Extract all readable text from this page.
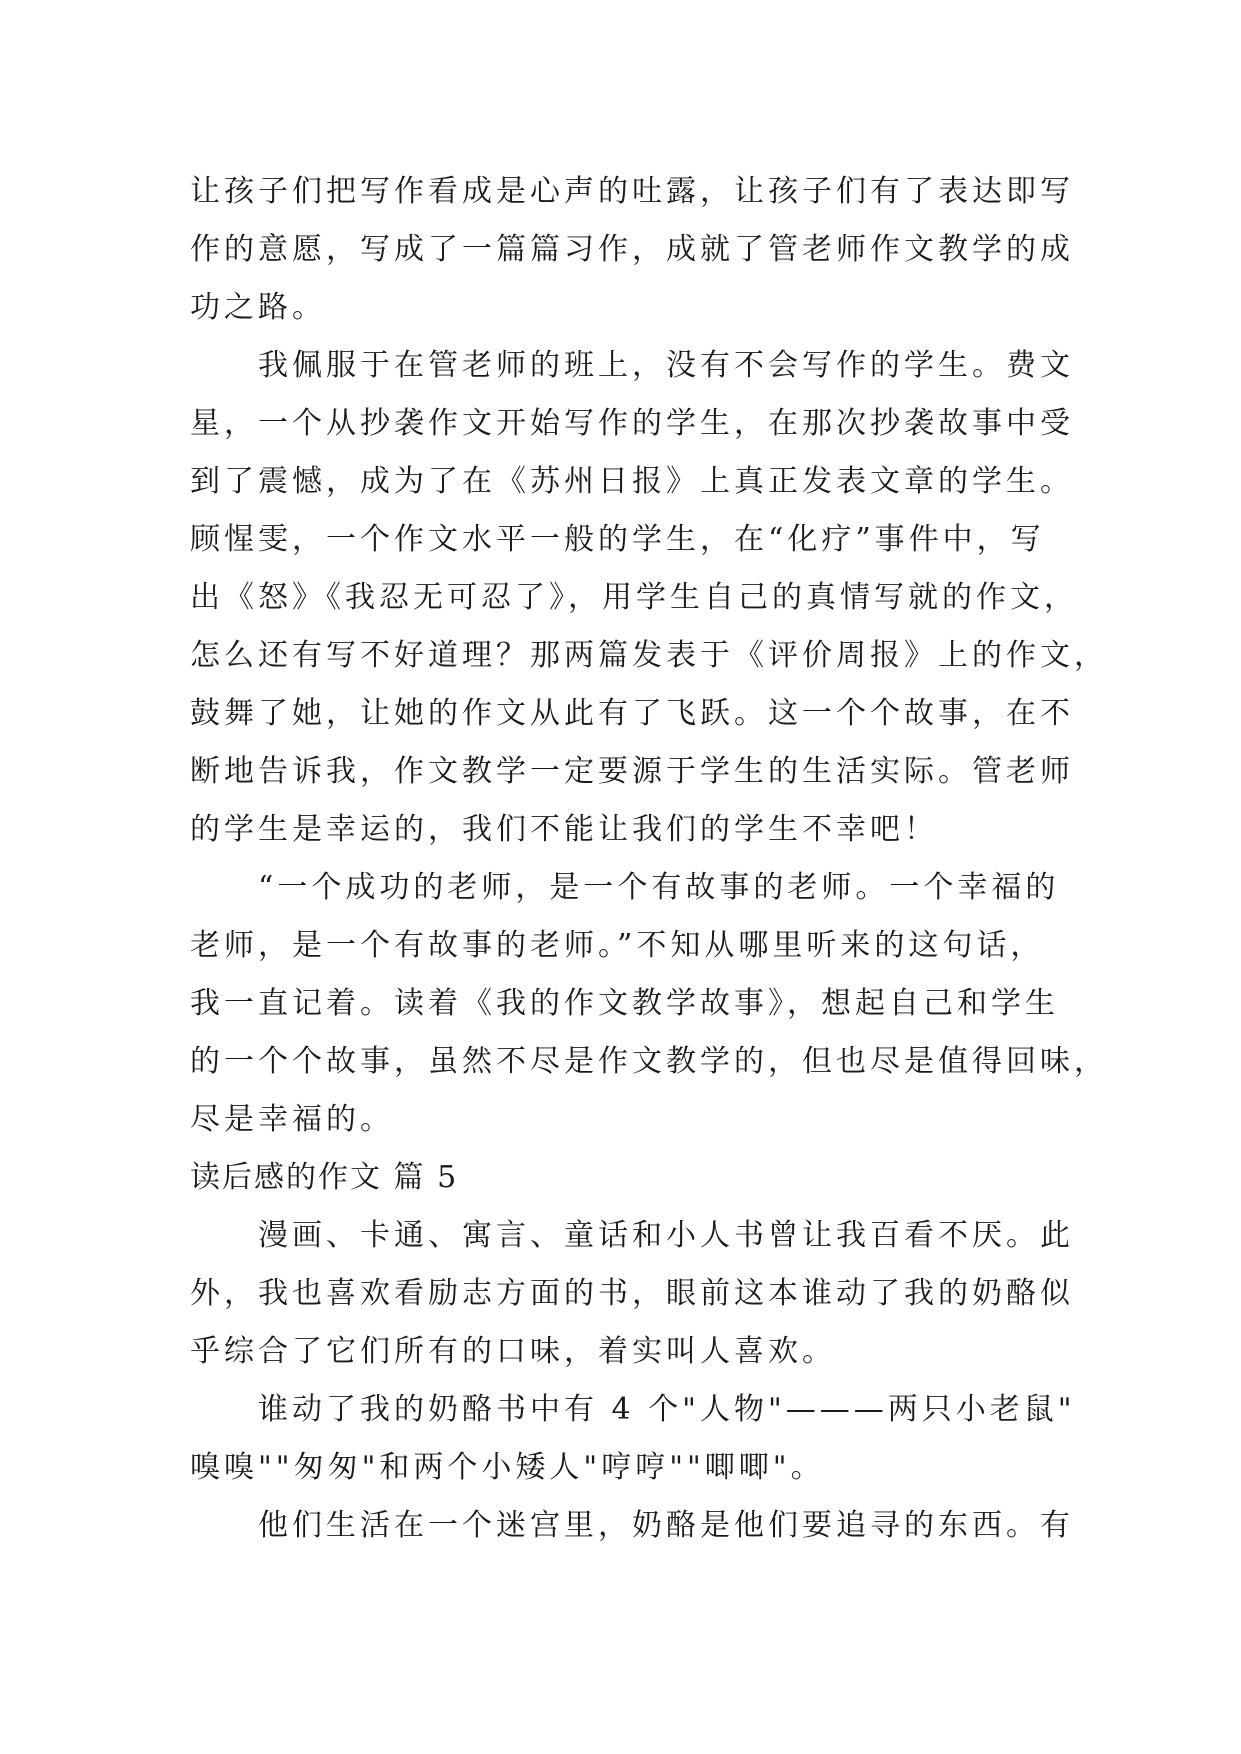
让孩子们把写作看成是心声的吐露，让孩子们有了表达即写
作的意愿，写成了一篇篇习作，成就了管老师作文教学的成
功之路。
我佩服于在管老师的班上，没有不会写作的学生。费文
星，一个从抄袭作文开始写作的学生，在那次抄袭故事中受
到了震憾，成为了在《苏州日报》上真正发表文章的学生。
顾惺雯，一个作文水平一般的学生，在“化疗”事件中，写
出《怒》《我忍无可忍了》，用学生自己的真情写就的作文，
怎么还有写不好道理？那两篇发表于《评价周报》上的作文，
鼓舞了她，让她的作文从此有了飞跃。这一个个故事，在不
断地告诉我，作文教学一定要源于学生的生活实际。管老师
的学生是幸运的，我们不能让我们的学生不幸吧！
“一个成功的老师，是一个有故事的老师。一个幸福的
老师，是一个有故事的老师。”不知从哪里听来的这句话，
我一直记着。读着《我的作文教学故事》，想起自己和学生
的一个个故事，虽然不尽是作文教学的，但也尽是值得回味，
尽是幸福的。
读后感的作文 篇 5
漫画、卡通、寓言、童话和小人书曾让我百看不厌。此
外，我也喜欢看励志方面的书，眼前这本谁动了我的奶酪似
乎综合了它们所有的口味，着实叫人喜欢。
谁动了我的奶酪书中有 4 个"人物"———两只小老鼠"
嗅嗅""匆匆"和两个小矮人"哼哼""唧唧"。
他们生活在一个迷宫里，奶酪是他们要追寻的东西。有
